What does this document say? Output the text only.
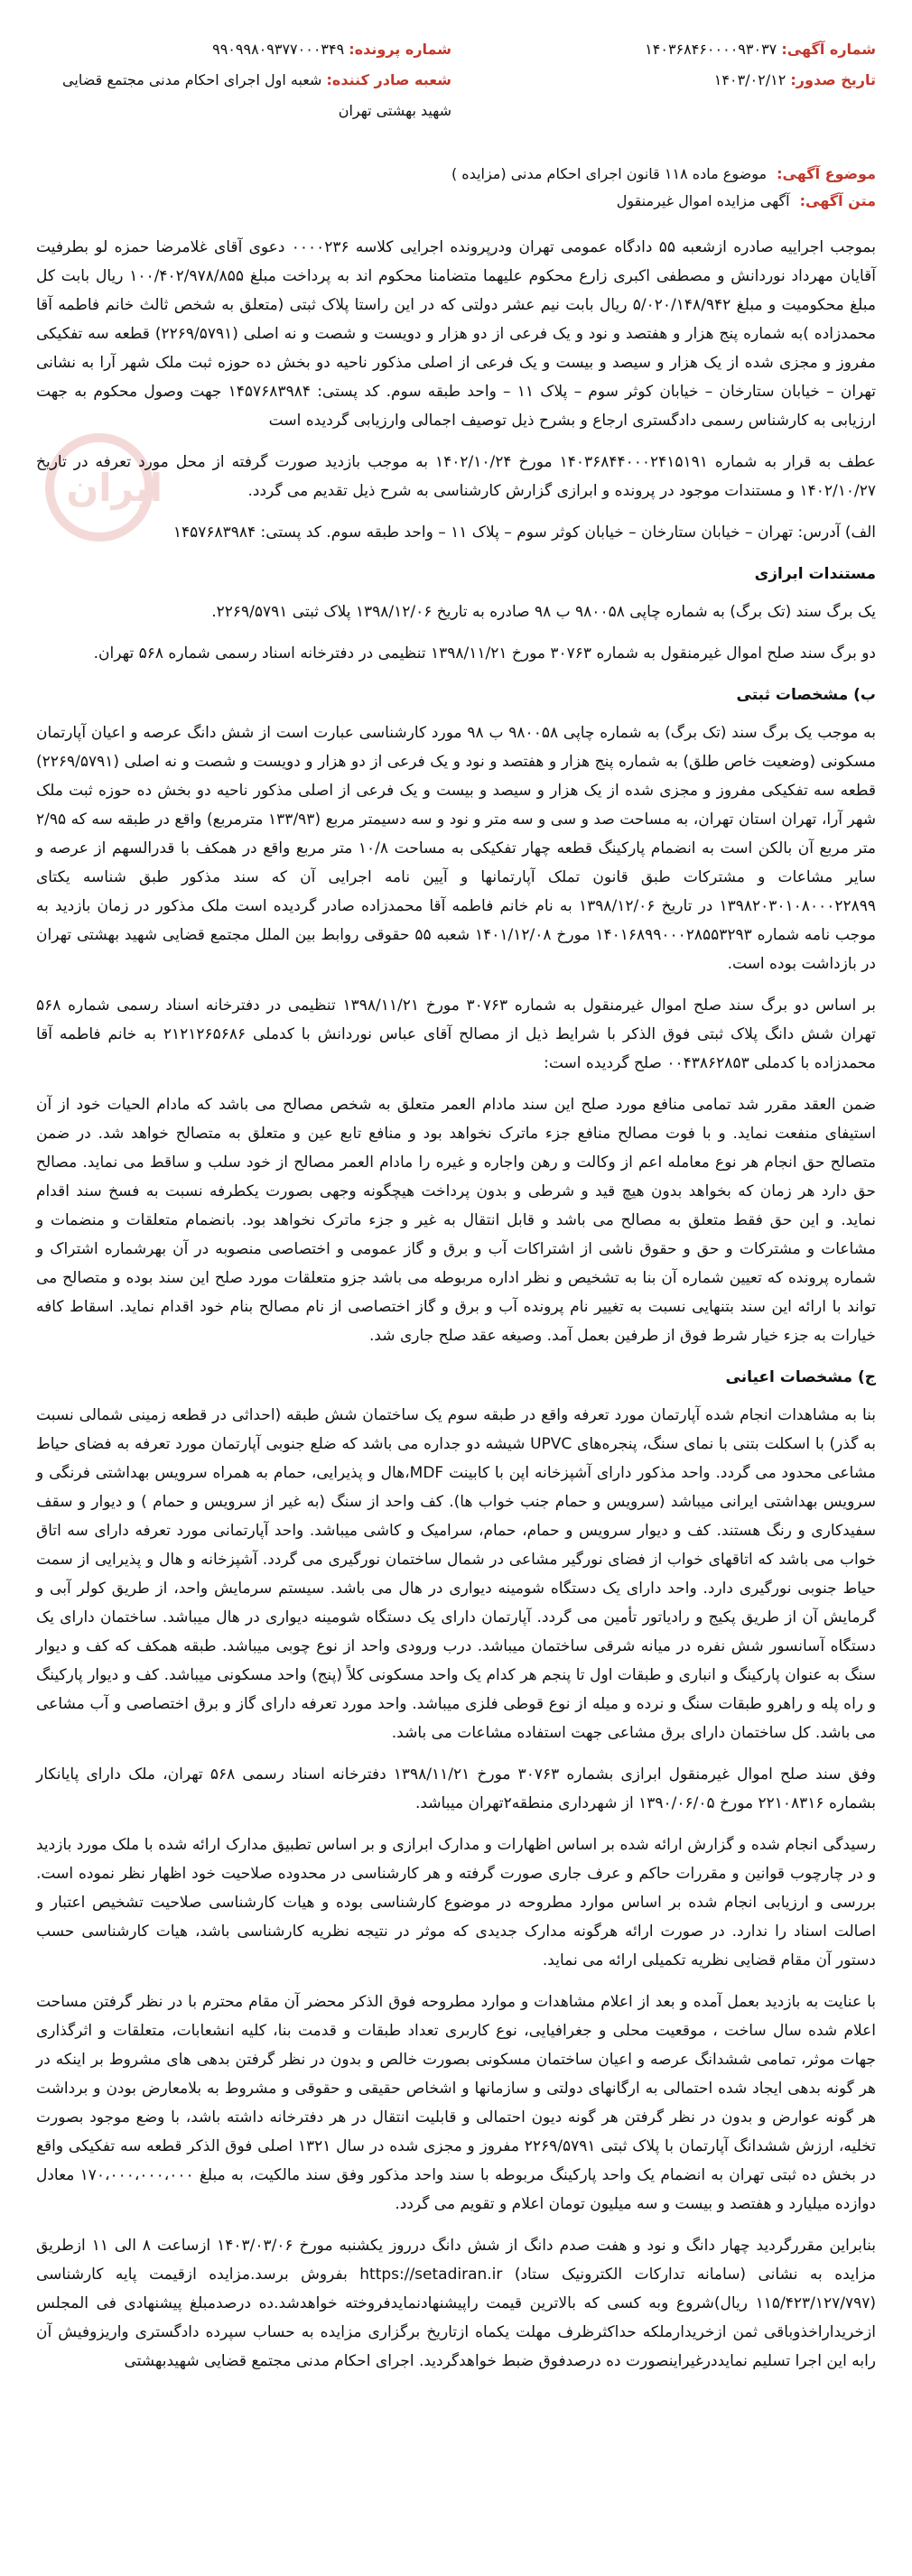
ایران
شماره آگهی: ۱۴۰۳۶۸۴۶۰۰۰۰۹۳۰۳۷
تاریخ صدور: ۱۴۰۳/۰۲/۱۲
شماره پرونده: ۹۹۰۹۹۸۰۹۳۷۷۰۰۰۳۴۹
شعبه صادر کننده: شعبه اول اجرای احکام مدنی مجتمع قضایی شهید بهشتی تهران
موضوع آگهی: موضوع ماده ۱۱۸ قانون اجرای احکام مدنی (مزایده )
متن آگهی: آگهی مزایده اموال غیرمنقول

بموجب اجراییه صادره ازشعبه ۵۵ دادگاه عمومی تهران ودرپرونده اجرایی کلاسه ۰۰۰۰۲۳۶ دعوی آقای غلامرضا حمزه لو بطرفیت آقایان مهرداد نوردانش و مصطفی اکبری زارع محکوم علیهما متضامنا محکوم اند به پرداخت مبلغ ۱۰۰/۴۰۲/۹۷۸/۸۵۵ ریال بابت کل مبلغ محکومیت و مبلغ ۵/۰۲۰/۱۴۸/۹۴۲ ریال بابت نیم عشر دولتی که در این راستا پلاک ثبتی (متعلق به شخص ثالث خانم فاطمه آقا محمدزاده )به شماره پنج هزار و هفتصد و نود و یک فرعی از دو هزار و دویست و شصت و نه اصلی (۲۲۶۹/۵۷۹۱) قطعه سه تفکیکی مفروز و مجزی شده از یک هزار و سیصد و بیست و یک فرعی از اصلی مذکور ناحیه دو بخش ده حوزه ثبت ملک شهر آرا به نشانی تهران – خیابان ستارخان – خیابان کوثر سوم – پلاک ۱۱ – واحد طبقه سوم. کد پستی: ۱۴۵۷۶۸۳۹۸۴ جهت وصول محکوم به جهت ارزیابی به کارشناس رسمی دادگستری ارجاع و بشرح ذیل توصیف اجمالی وارزیابی گردیده است

عطف به قرار به شماره ۱۴۰۳۶۸۴۴۰۰۰۲۴۱۵۱۹۱ مورخ ۱۴۰۲/۱۰/۲۴ به موجب بازدید صورت گرفته از محل مورد تعرفه در تاریخ ۱۴۰۲/۱۰/۲۷ و مستندات موجود در پرونده و ابرازی گزارش کارشناسی به شرح ذیل تقدیم می گردد.

الف) آدرس: تهران – خیابان ستارخان – خیابان کوثر سوم – پلاک ۱۱ – واحد طبقه سوم. کد پستی: ۱۴۵۷۶۸۳۹۸۴

مستندات ابرازی

یک برگ سند (تک برگ) به شماره چاپی ۹۸۰۰۵۸ ب ۹۸ صادره به تاریخ ۱۳۹۸/۱۲/۰۶ پلاک ثبتی ۲۲۶۹/۵۷۹۱.

دو برگ سند صلح اموال غیرمنقول به شماره ۳۰۷۶۳ مورخ ۱۳۹۸/۱۱/۲۱ تنظیمی در دفترخانه اسناد رسمی شماره ۵۶۸ تهران.

ب) مشخصات ثبتی

به موجب یک برگ سند (تک برگ) به شماره چاپی ۹۸۰۰۵۸ ب ۹۸ مورد کارشناسی عبارت است از شش دانگ عرصه و اعیان آپارتمان مسکونی (وضعیت خاص طلق) به شماره پنج هزار و هفتصد و نود و یک فرعی از دو هزار و دویست و شصت و نه اصلی (۲۲۶۹/۵۷۹۱) قطعه سه تفکیکی مفروز و مجزی شده از یک هزار و سیصد و بیست و یک فرعی از اصلی مذکور ناحیه دو بخش ده حوزه ثبت ملک شهر آرا، تهران استان تهران، به مساحت صد و سی و سه متر و نود و سه دسیمتر مربع (۱۳۳/۹۳ مترمربع) واقع در طبقه سه که ۲/۹۵ متر مربع آن بالکن است به انضمام پارکینگ قطعه چهار تفکیکی به مساحت ۱۰/۸ متر مربع واقع در همکف با قدرالسهم از عرصه و سایر مشاعات و مشترکات طبق قانون تملک آپارتمانها و آیین نامه اجرایی آن که سند مذکور طبق شناسه یکتای ۱۳۹۸۲۰۳۰۱۰۸۰۰۰۲۲۸۹۹ در تاریخ ۱۳۹۸/۱۲/۰۶ به نام خانم فاطمه آقا محمدزاده صادر گردیده است ملک مذکور در زمان بازدید به موجب نامه شماره ۱۴۰۱۶۸۹۹۰۰۰۲۸۵۵۳۲۹۳ مورخ ۱۴۰۱/۱۲/۰۸ شعبه ۵۵ حقوقی روابط بین الملل مجتمع قضایی شهید بهشتی تهران در بازداشت بوده است.

بر اساس دو برگ سند صلح اموال غیرمنقول به شماره ۳۰۷۶۳ مورخ ۱۳۹۸/۱۱/۲۱ تنظیمی در دفترخانه اسناد رسمی شماره ۵۶۸ تهران شش دانگ پلاک ثبتی فوق الذکر با شرایط ذیل از مصالح آقای عباس نوردانش با کدملی ۲۱۲۱۲۶۵۶۸۶ به خانم فاطمه آقا محمدزاده با کدملی ۰۰۴۳۸۶۲۸۵۳ صلح گردیده است:

ضمن العقد مقرر شد تمامی منافع مورد صلح این سند مادام العمر متعلق به شخص مصالح می باشد که مادام الحیات خود از آن استیفای منفعت نماید. و با فوت مصالح منافع جزء ماترک نخواهد بود و منافع تابع عین و متعلق به متصالح خواهد شد. در ضمن متصالح حق انجام هر نوع معامله اعم از وکالت و رهن واجاره و غیره را مادام العمر مصالح از خود سلب و ساقط می نماید. مصالح حق دارد هر زمان که بخواهد بدون هیچ قید و شرطی و بدون پرداخت هیچگونه وجهی بصورت یکطرفه نسبت به فسخ سند اقدام نماید. و این حق فقط متعلق به مصالح می باشد و قابل انتقال به غیر و جزء ماترک نخواهد بود. بانضمام متعلقات و منضمات و مشاعات و مشترکات و حق و حقوق ناشی از اشتراکات آب و برق و گاز عمومی و اختصاصی منصوبه در آن بهرشماره اشتراک و شماره پرونده که تعیین شماره آن بنا به تشخیص و نظر اداره مربوطه می باشد جزو متعلقات مورد صلح این سند بوده و متصالح می تواند با ارائه این سند بتنهایی نسبت به تغییر نام پرونده آب و برق و گاز اختصاصی از نام مصالح بنام خود اقدام نماید. اسقاط کافه خیارات به جزء خیار شرط فوق از طرفین بعمل آمد. وصیغه عقد صلح جاری شد.

ج) مشخصات اعیانی

بنا به مشاهدات انجام شده آپارتمان مورد تعرفه واقع در طبقه سوم یک ساختمان شش طبقه (احداثی در قطعه زمینی شمالی نسبت به گذر) با اسکلت بتنی با نمای سنگ، پنجره‌های UPVC شیشه دو جداره می باشد که ضلع جنوبی آپارتمان مورد تعرفه به فضای حیاط مشاعی محدود می گردد. واحد مذکور دارای آشپزخانه اپن با کابینت MDF،هال و پذیرایی، حمام به همراه سرویس بهداشتی فرنگی و سرویس بهداشتی ایرانی میباشد (سرویس و حمام جنب خواب ها). کف واحد از سنگ (به غیر از سرویس و حمام ) و دیوار و سقف سفیدکاری و رنگ هستند. کف و دیوار سرویس و حمام، حمام، سرامیک و کاشی میباشد. واحد آپارتمانی مورد تعرفه دارای سه اتاق خواب می باشد که اتاقهای خواب از فضای نورگیر مشاعی در شمال ساختمان نورگیری می گردد. آشپزخانه و هال و پذیرایی از سمت حیاط جنوبی نورگیری دارد. واحد دارای یک دستگاه شومینه دیواری در هال می باشد. سیستم سرمایش واحد، از طریق کولر آبی و گرمایش آن از طریق پکیج و رادیاتور تأمین می گردد. آپارتمان دارای یک دستگاه شومینه دیواری در هال میباشد. ساختمان دارای یک دستگاه آسانسور شش نفره در میانه شرقی ساختمان میباشد. درب ورودی واحد از نوع چوبی میباشد. طبقه همکف که کف و دیوار سنگ به عنوان پارکینگ و انباری و طبقات اول تا پنجم هر کدام یک واحد مسکونی کلاً (پنج) واحد مسکونی میباشد. کف و دیوار پارکینگ و راه پله و راهرو طبقات سنگ و نرده و میله از نوع قوطی فلزی میباشد. واحد مورد تعرفه دارای گاز و برق اختصاصی و آب مشاعی می باشد. کل ساختمان دارای برق مشاعی جهت استفاده مشاعات می باشد.

وفق سند صلح اموال غیرمنقول ابرازی بشماره ۳۰۷۶۳ مورخ ۱۳۹۸/۱۱/۲۱ دفترخانه اسناد رسمی ۵۶۸ تهران، ملک دارای پایانکار بشماره ۲۲۱۰۸۳۱۶ مورخ ۱۳۹۰/۰۶/۰۵ از شهرداری منطقه۲تهران میباشد.

رسیدگی انجام شده و گزارش ارائه شده بر اساس اظهارات و مدارک ابرازی و بر اساس تطبیق مدارک ارائه شده با ملک مورد بازدید و در چارچوب قوانین و مقررات حاکم و عرف جاری صورت گرفته و هر کارشناسی در محدوده صلاحیت خود اظهار نظر نموده است. بررسی و ارزیابی انجام شده بر اساس موارد مطروحه در موضوع کارشناسی بوده و هیات کارشناسی صلاحیت تشخیص اعتبار و اصالت اسناد را ندارد. در صورت ارائه هرگونه مدارک جدیدی که موثر در نتیجه نظریه کارشناسی باشد، هیات کارشناسی حسب دستور آن مقام قضایی نظریه تکمیلی ارائه می نماید.

با عنایت به بازدید بعمل آمده و بعد از اعلام مشاهدات و موارد مطروحه فوق الذکر محضر آن مقام محترم با در نظر گرفتن مساحت اعلام شده سال ساخت ، موقعیت محلی و جغرافیایی، نوع کاربری تعداد طبقات و قدمت بنا، کلیه انشعابات، متعلقات و اثرگذاری جهات موثر، تمامی ششدانگ عرصه و اعیان ساختمان مسکونی بصورت خالص و بدون در نظر گرفتن بدهی های مشروط بر اینکه در هر گونه بدهی ایجاد شده احتمالی به ارگانهای دولتی و سازمانها و اشخاص حقیقی و حقوقی و مشروط به بلامعارض بودن و برداشت هر گونه عوارض و بدون در نظر گرفتن هر گونه دیون احتمالی و قابلیت انتقال در هر دفترخانه داشته باشد، با وضع موجود بصورت تخلیه، ارزش ششدانگ آپارتمان با پلاک ثبتی ۲۲۶۹/۵۷۹۱ مفروز و مجزی شده در سال ۱۳۲۱ اصلی فوق الذکر قطعه سه تفکیکی واقع در بخش ده ثبتی تهران به انضمام یک واحد پارکینگ مربوطه با سند واحد مذکور وفق سند مالکیت، به مبلغ ۱۷۰،۰۰۰،۰۰۰،۰۰۰ معادل دوازده میلیارد و هفتصد و بیست و سه میلیون تومان اعلام و تقویم می گردد.

بنابراین مقررگردید چهار دانگ و نود و هفت صدم دانگ از شش دانگ درروز یکشنبه مورخ ۱۴۰۳/۰۳/۰۶ ازساعت ۸ الی ۱۱ ازطریق مزایده به نشانی (سامانه تدارکات الکترونیک ستاد) https://setadiran.ir بفروش برسد.مزایده ازقیمت پایه کارشناسی (۱۱۵/۴۲۳/۱۲۷/۷۹۷ ریال)شروع وبه کسی که بالاترین قیمت راپیشنهادنمایدفروخته خواهدشد.ده درصدمبلغ پیشنهادی فی المجلس ازخریداراخذوباقی ثمن ازخریدارملکه حداکثرظرف مهلت یکماه ازتاریخ برگزاری مزایده به حساب سپرده دادگستری واریزوفیش آن رابه این اجرا تسلیم نمایددرغیراینصورت ده درصدفوق ضبط خواهدگردید. اجرای احکام مدنی مجتمع قضایی شهیدبهشتی
